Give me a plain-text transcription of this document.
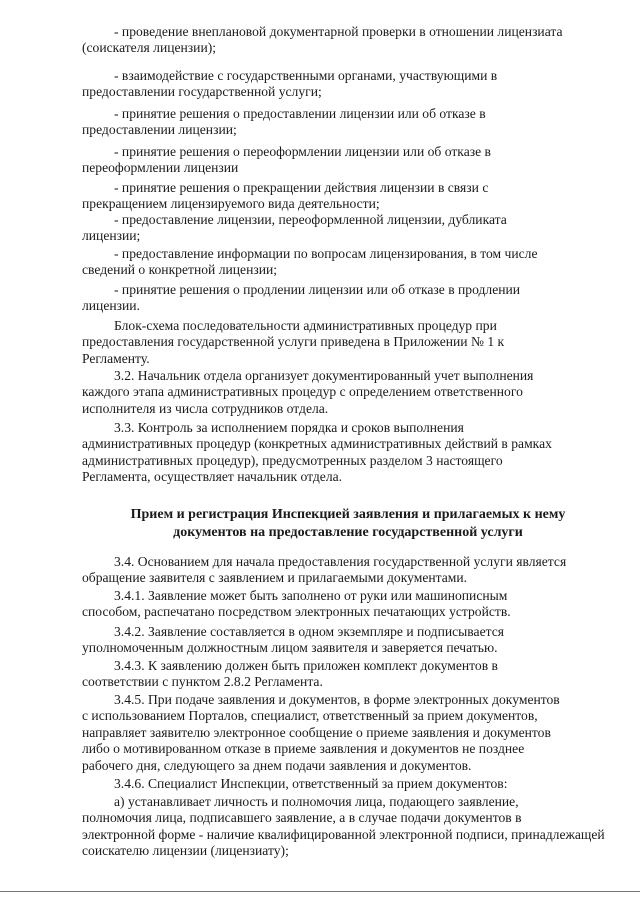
- проведение внеплановой документарной проверки в отношении лицензиата
(соискателя лицензии);
- взаимодействие с государственными органами, участвующими в
предоставлении государственной услуги;
- принятие решения о предоставлении лицензии или об отказе в
предоставлении лицензии;
- принятие решения о переоформлении лицензии или об отказе в
переоформлении лицензии
- принятие решения о прекращении действия лицензии в связи с
прекращением лицензируемого вида деятельности;
- предоставление лицензии, переоформленной лицензии, дубликата
лицензии;
- предоставление информации по вопросам лицензирования, в том числе
сведений о конкретной лицензии;
- принятие решения о продлении лицензии или об отказе в продлении
лицензии.
Блок-схема последовательности административных процедур при
предоставления государственной услуги приведена в Приложении № 1 к
Регламенту.
3.2. Начальник отдела организует документированный учет выполнения
каждого этапа административных процедур с определением ответственного
исполнителя из числа сотрудников отдела.
3.3. Контроль за исполнением порядка и сроков выполнения
административных процедур (конкретных административных действий в рамках
административных процедур), предусмотренных разделом 3 настоящего
Регламента, осуществляет начальник отдела.
Прием и регистрация Инспекцией заявления и прилагаемых к нему
документов на предоставление государственной услуги
3.4. Основанием для начала предоставления государственной услуги является
обращение заявителя с заявлением и прилагаемыми документами.
3.4.1. Заявление может быть заполнено от руки или машинописным
способом, распечатано посредством электронных печатающих устройств.
3.4.2. Заявление составляется в одном экземпляре и подписывается
уполномоченным должностным лицом заявителя и заверяется печатью.
3.4.3. К заявлению должен быть приложен комплект документов в
соответствии с пунктом 2.8.2 Регламента.
3.4.5. При подаче заявления и документов, в форме электронных документов
с использованием Порталов, специалист, ответственный за прием документов,
направляет заявителю электронное сообщение о приеме заявления и документов
либо о мотивированном отказе в приеме заявления и документов не позднее
рабочего дня, следующего за днем подачи заявления и документов.
3.4.6. Специалист Инспекции, ответственный за прием документов:
а) устанавливает личность и полномочия лица, подающего заявление,
полномочия лица, подписавшего заявление, а в случае подачи документов в
электронной форме - наличие квалифицированной электронной подписи, принадлежащей
соискателю лицензии (лицензиату);
